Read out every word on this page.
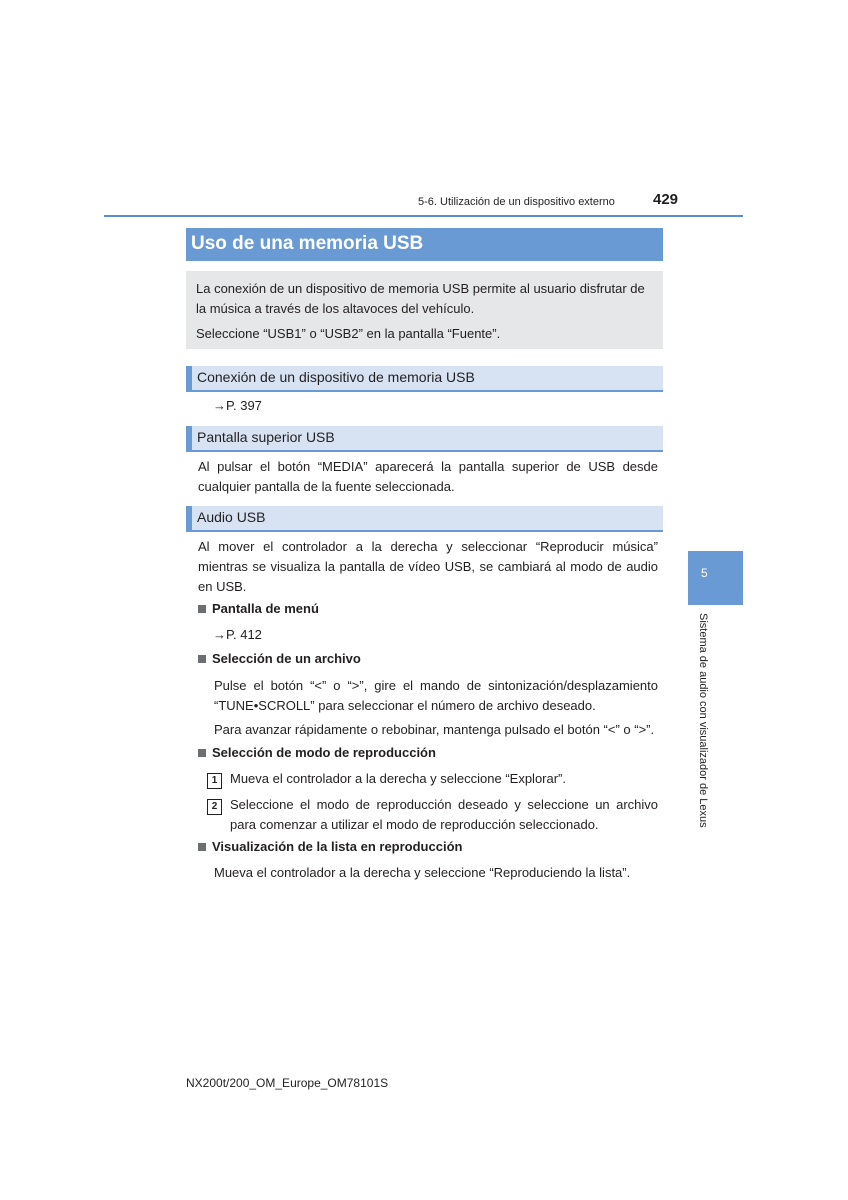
5-6. Utilización de un dispositivo externo	429
Uso de una memoria USB

La conexión de un dispositivo de memoria USB permite al usuario disfrutar de

la música a través de los altavoces del vehículo.

Seleccione “USB1” o “USB2” en la pantalla “Fuente”.

Conexión de un dispositivo de memoria USB

→P. 397

Pantalla superior USB

Al pulsar el botón “MEDIA” aparecerá la pantalla superior de USB desde cualquier pantalla de la fuente seleccionada.

Audio USB

Al mover el controlador a la derecha y seleccionar “Reproducir música” mientras se visualiza la pantalla de vídeo USB, se cambiará al modo de audio en USB.

Pantalla de menú

→P. 412

Selección de un archivo

Pulse el botón “<” o “>”, gire el mando de sintonización/desplazamiento “TUNE•SCROLL” para seleccionar el número de archivo deseado.

Para avanzar rápidamente o rebobinar, mantenga pulsado el botón “<” o “>”.

Selección de modo de reproducción
1 Mueva el controlador a la derecha y seleccione “Explorar”.

2 Seleccione el modo de reproducción deseado y seleccione un archivo para comenzar a utilizar el modo de reproducción seleccionado.

Visualización de la lista en reproducción

Mueva el controlador a la derecha y seleccione “Reproduciendo la lista”.

5
Sistema de audio con visualizador de Lexus
NX200t/200_OM_Europe_OM78101S
